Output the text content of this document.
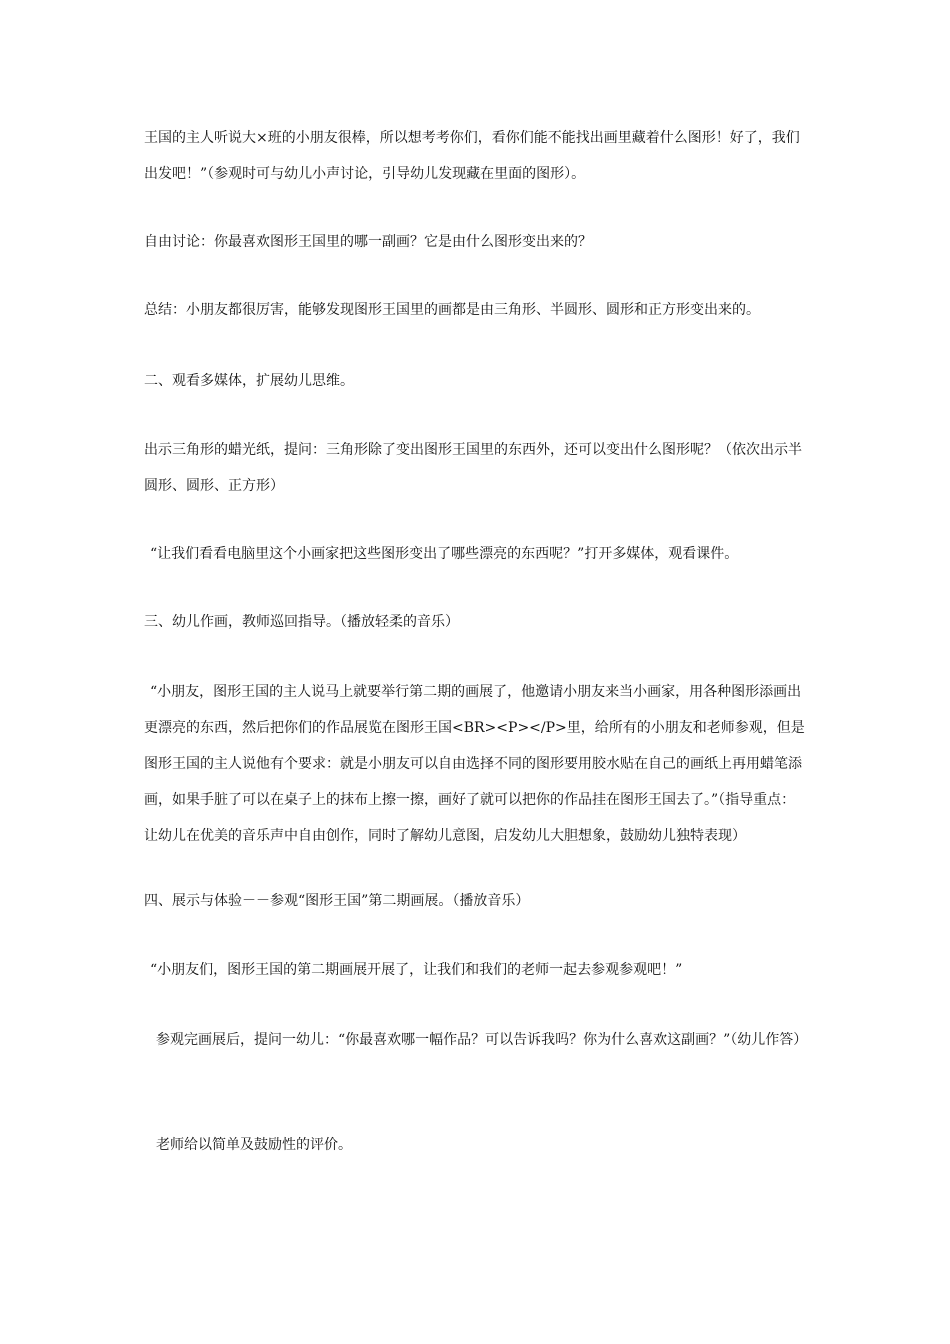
王国的主人听说大×班的小朋友很棒，所以想考考你们，看你们能不能找出画里藏着什么图形！好了，我们出发吧！”（参观时可与幼儿小声讨论，引导幼儿发现藏在里面的图形）。

自由讨论：你最喜欢图形王国里的哪一副画？它是由什么图形变出来的？

总结：小朋友都很厉害，能够发现图形王国里的画都是由三角形、半圆形、圆形和正方形变出来的。

二、观看多媒体，扩展幼儿思维。

出示三角形的蜡光纸，提问：三角形除了变出图形王国里的东西外，还可以变出什么图形呢？（依次出示半圆形、圆形、正方形）

“让我们看看电脑里这个小画家把这些图形变出了哪些漂亮的东西呢？”打开多媒体，观看课件。

三、幼儿作画，教师巡回指导。（播放轻柔的音乐）

“小朋友，图形王国的主人说马上就要举行第二期的画展了，他邀请小朋友来当小画家，用各种图形添画出更漂亮的东西，然后把你们的作品展览在图形王国<BR><P></P>里，给所有的小朋友和老师参观，但是图形王国的主人说他有个要求：就是小朋友可以自由选择不同的图形要用胶水贴在自己的画纸上再用蜡笔添画，如果手脏了可以在桌子上的抹布上擦一擦，画好了就可以把你的作品挂在图形王国去了。”（指导重点：让幼儿在优美的音乐声中自由创作，同时了解幼儿意图，启发幼儿大胆想象，鼓励幼儿独特表现）

四、展示与体验－－参观“图形王国”第二期画展。（播放音乐）

“小朋友们，图形王国的第二期画展开展了，让我们和我们的老师一起去参观参观吧！”

参观完画展后，提问一幼儿：“你最喜欢哪一幅作品？可以告诉我吗？你为什么喜欢这副画？”（幼儿作答）

老师给以简单及鼓励性的评价。
